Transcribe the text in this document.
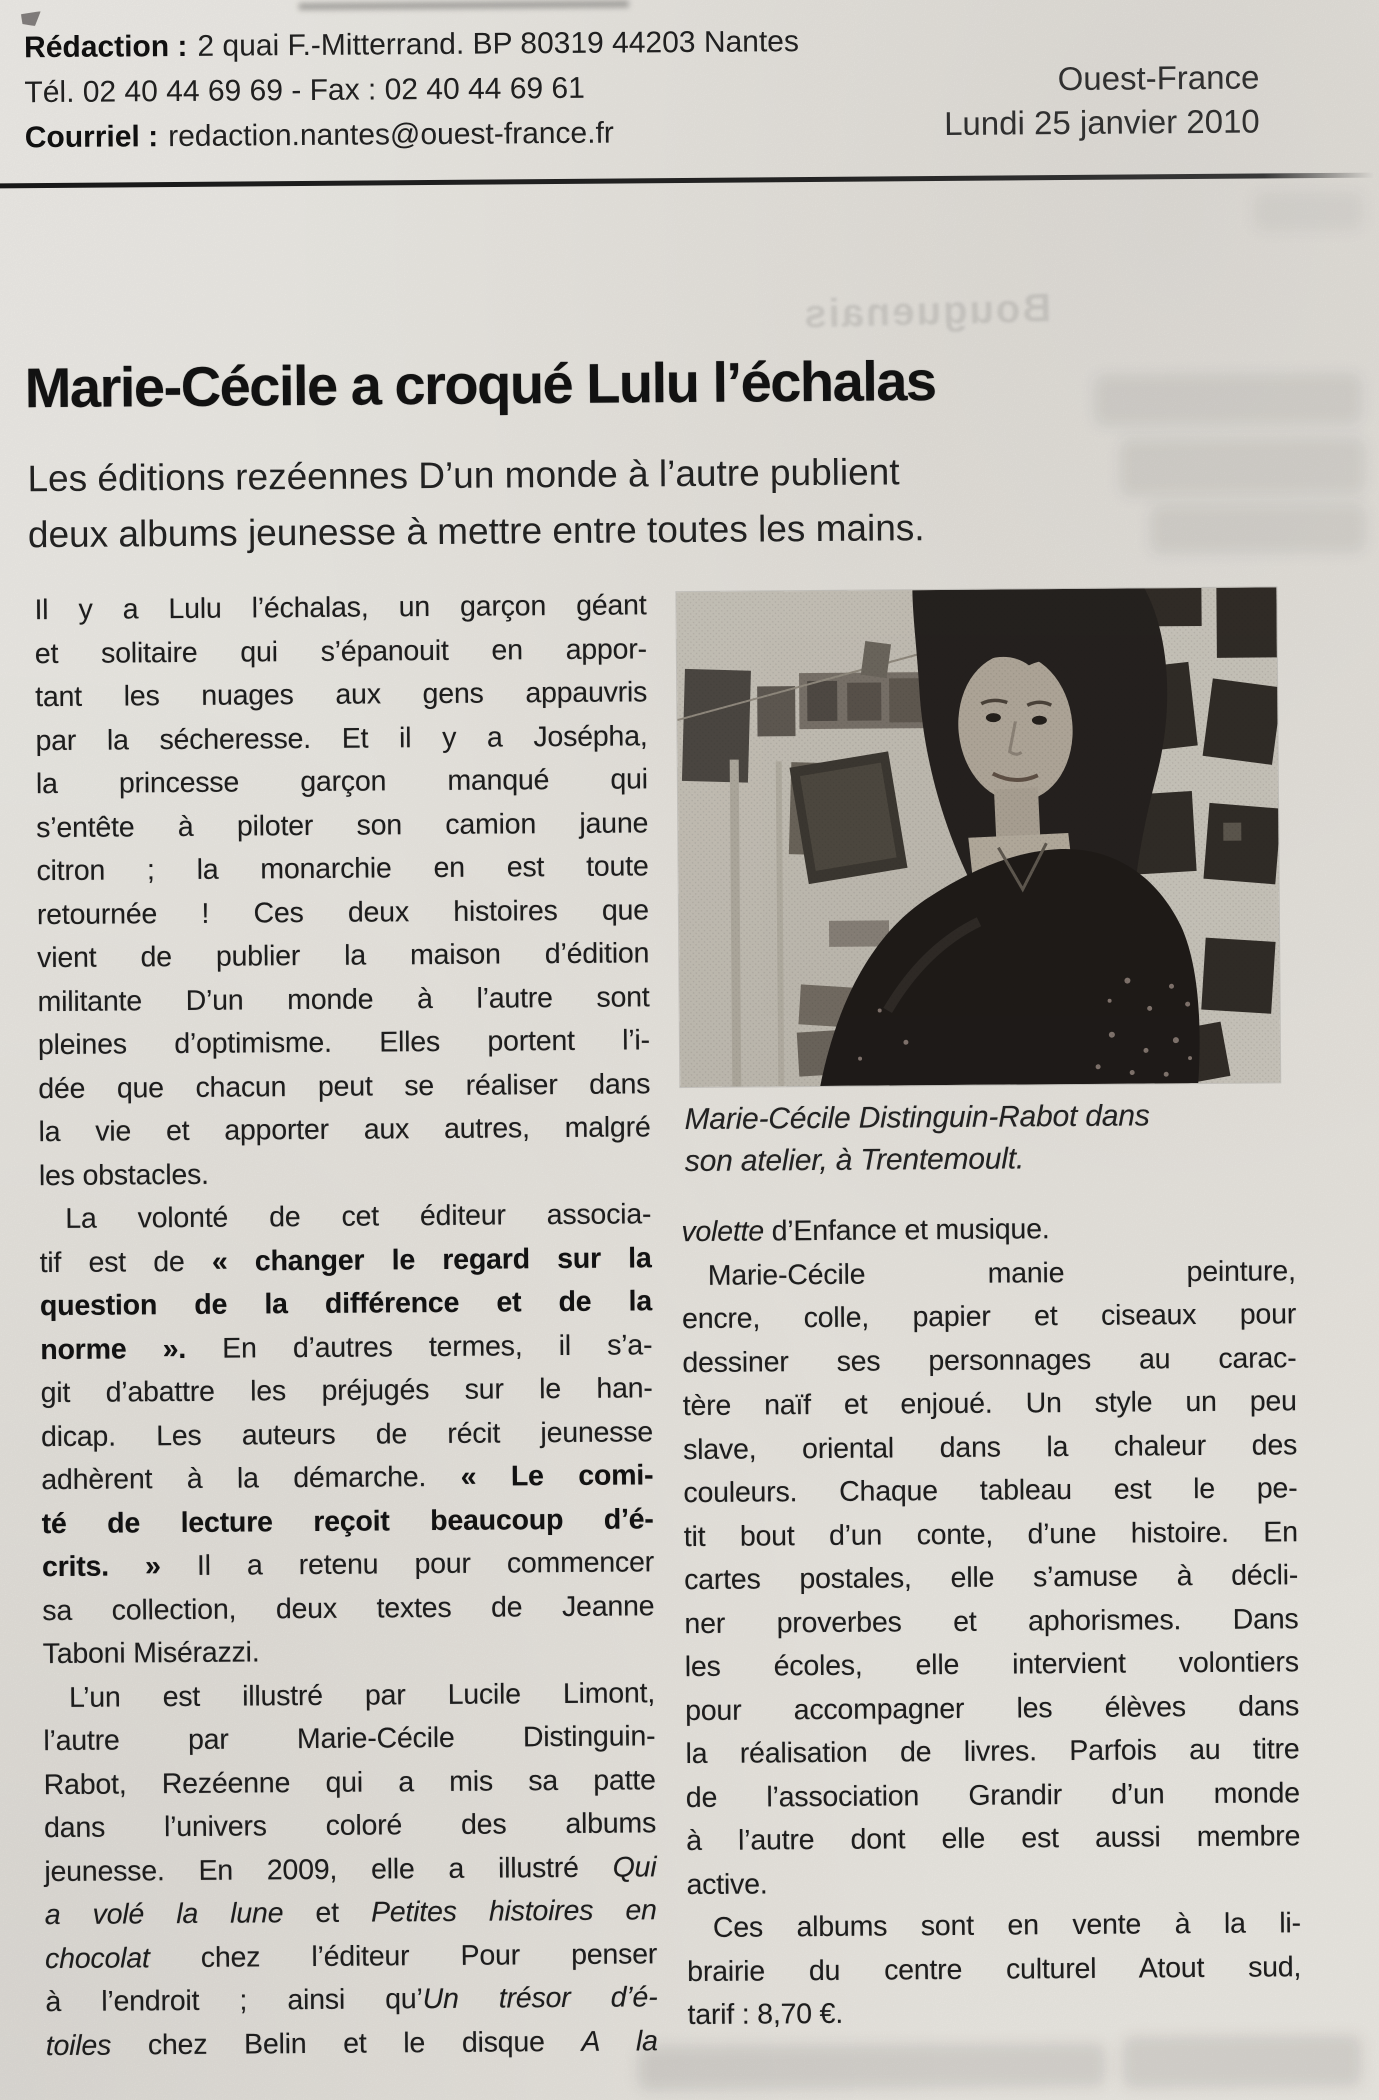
Rédaction : 2 quai F.-Mitterrand. BP 80319 44203 Nantes
Tél. 02 40 44 69 69 - Fax : 02 40 44 69 61
Courriel : redaction.nantes@ouest-france.fr
Ouest-France
Lundi 25 janvier 2010
Bouguenais
Marie-Cécile a croqué Lulu l’échalas
Les éditions rezéennes D’un monde à l’autre publient
deux albums jeunesse à mettre entre toutes les mains.
Il y a Lulu l’échalas, un garçon géant
et solitaire qui s’épanouit en appor-
tant les nuages aux gens appauvris
par la sécheresse. Et il y a Josépha,
la princesse garçon manqué qui
s’entête à piloter son camion jaune
citron ; la monarchie en est toute
retournée ! Ces deux histoires que
vient de publier la maison d’édition
militante D’un monde à l’autre sont
pleines d’optimisme. Elles portent l’i-
dée que chacun peut se réaliser dans
la vie et apporter aux autres, malgré
les obstacles.
La volonté de cet éditeur associa-
tif est de « changer le regard sur la
question de la différence et de la
norme ». En d’autres termes, il s’a-
git d’abattre les préjugés sur le han-
dicap. Les auteurs de récit jeunesse
adhèrent à la démarche. « Le comi-
té de lecture reçoit beaucoup d’é-
crits. » Il a retenu pour commencer
sa collection, deux textes de Jeanne
Taboni Misérazzi.
L’un est illustré par Lucile Limont,
l’autre par Marie-Cécile Distinguin-
Rabot, Rezéenne qui a mis sa patte
dans l’univers coloré des albums
jeunesse. En 2009, elle a illustré Qui
a volé la lune et Petites histoires en
chocolat chez l’éditeur Pour penser
à l’endroit ; ainsi qu’Un trésor d’é-
toiles chez Belin et le disque A la
Marie-Cécile Distinguin-Rabot dans
son atelier, à Trentemoult.
volette d’Enfance et musique.
Marie-Cécile manie peinture,
encre, colle, papier et ciseaux pour
dessiner ses personnages au carac-
tère naïf et enjoué. Un style un peu
slave, oriental dans la chaleur des
couleurs. Chaque tableau est le pe-
tit bout d’un conte, d’une histoire. En
cartes postales, elle s’amuse à décli-
ner proverbes et aphorismes. Dans
les écoles, elle intervient volontiers
pour accompagner les élèves dans
la réalisation de livres. Parfois au titre
de l’association Grandir d’un monde
à l’autre dont elle est aussi membre
active.
Ces albums sont en vente à la li-
brairie du centre culturel Atout sud,
tarif : 8,70 €.
